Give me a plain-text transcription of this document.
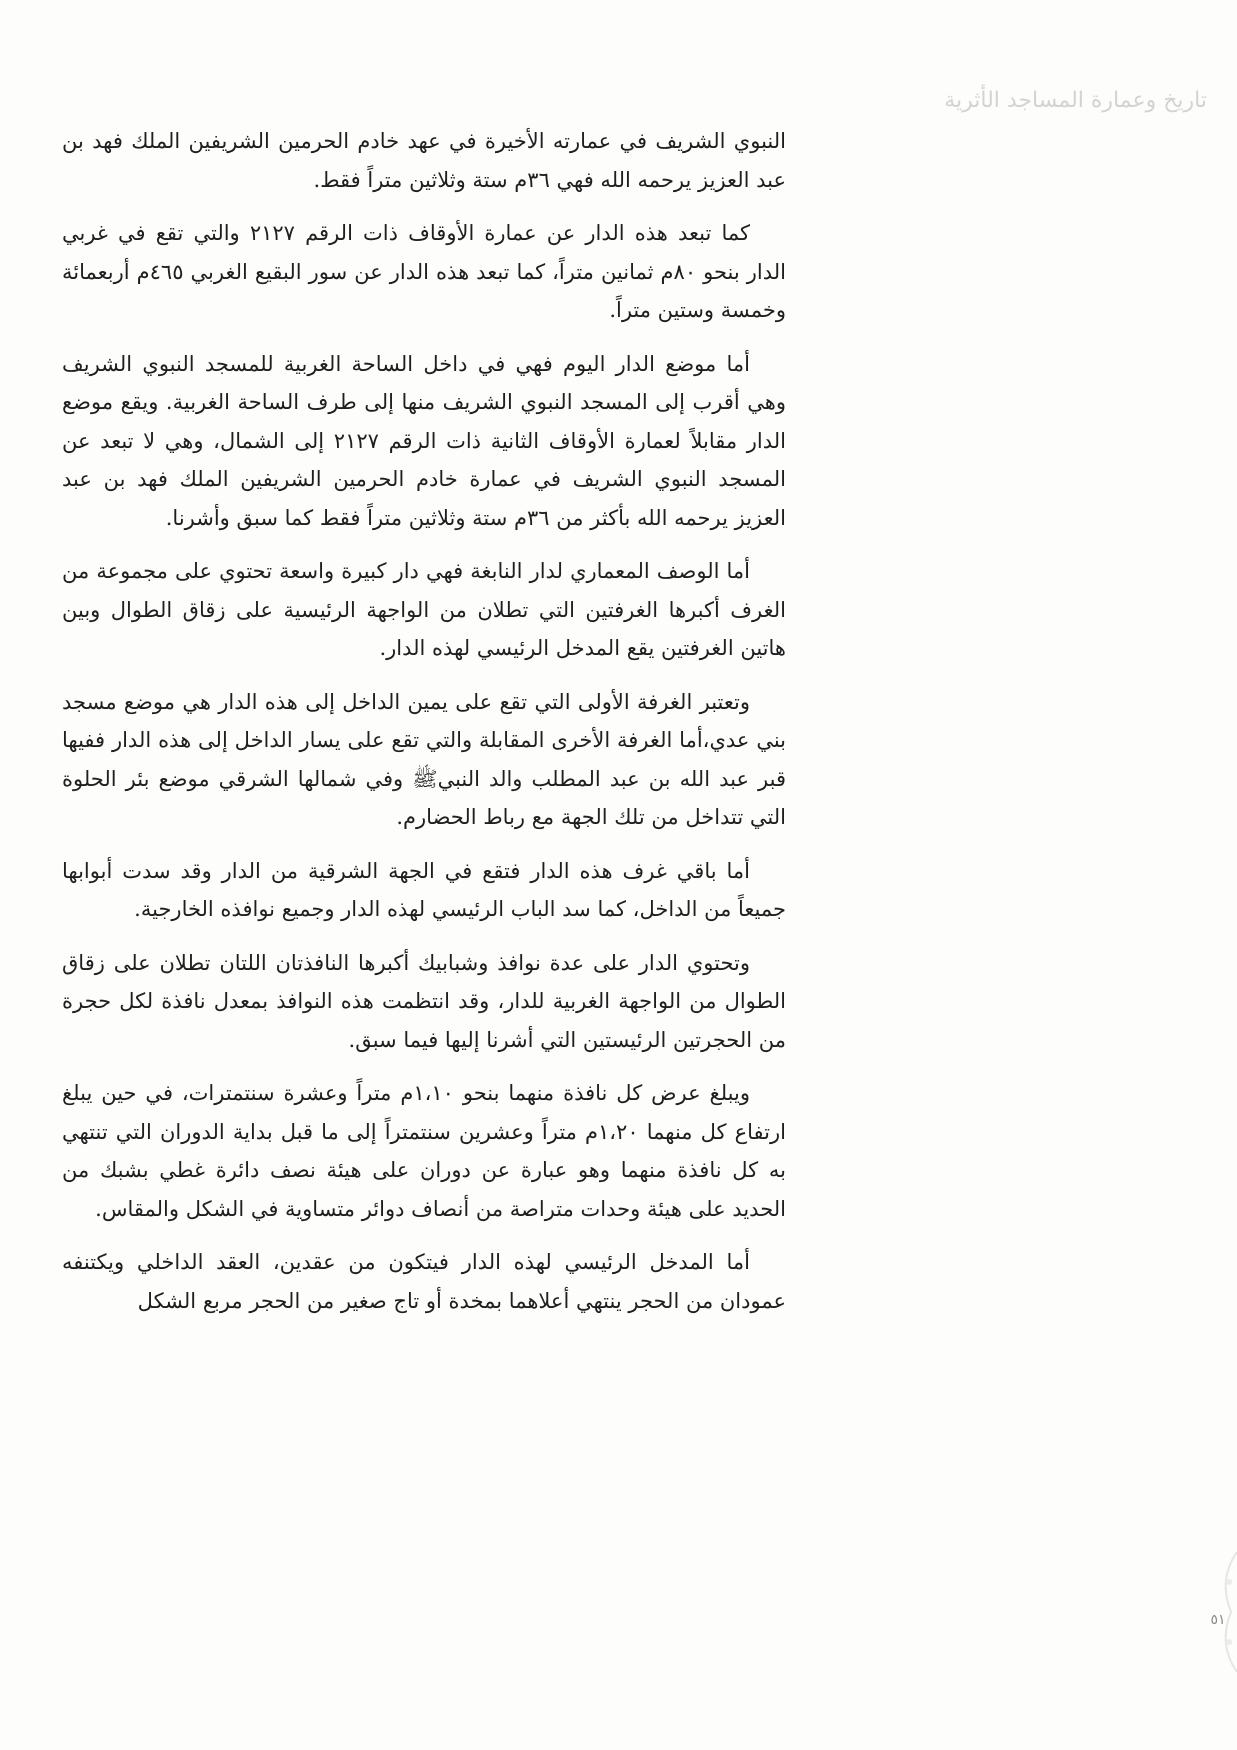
تاريخ وعمارة المساجد الأثرية

النبوي الشريف في عمارته الأخيرة في عهد خادم الحرمين الشريفين الملك فهد بن عبد العزيز يرحمه الله فهي ٣٦م ستة وثلاثين متراً فقط.

كما تبعد هذه الدار عن عمارة الأوقاف ذات الرقم ٢١٢٧ والتي تقع في غربي الدار بنحو ٨٠م ثمانين متراً، كما تبعد هذه الدار عن سور البقيع الغربي ٤٦٥م أربعمائة وخمسة وستين متراً.

أما موضع الدار اليوم فهي في داخل الساحة الغربية للمسجد النبوي الشريف وهي أقرب إلى المسجد النبوي الشريف منها إلى طرف الساحة الغربية. ويقع موضع الدار مقابلاً لعمارة الأوقاف الثانية ذات الرقم ٢١٢٧ إلى الشمال، وهي لا تبعد عن المسجد النبوي الشريف في عمارة خادم الحرمين الشريفين الملك فهد بن عبد العزيز يرحمه الله بأكثر من ٣٦م ستة وثلاثين متراً فقط كما سبق وأشرنا.

أما الوصف المعماري لدار النابغة فهي دار كبيرة واسعة تحتوي على مجموعة من الغرف أكبرها الغرفتين التي تطلان من الواجهة الرئيسية على زقاق الطوال وبين هاتين الغرفتين يقع المدخل الرئيسي لهذه الدار.

وتعتبر الغرفة الأولى التي تقع على يمين الداخل إلى هذه الدار هي موضع مسجد بني عدي،أما الغرفة الأخرى المقابلة والتي تقع على يسار الداخل إلى هذه الدار ففيها قبر عبد الله بن عبد المطلب والد النبيﷺ وفي شمالها الشرقي موضع بئر الحلوة التي تتداخل من تلك الجهة مع رباط الحضارم.

أما باقي غرف هذه الدار فتقع في الجهة الشرقية من الدار وقد سدت أبوابها جميعاً من الداخل، كما سد الباب الرئيسي لهذه الدار وجميع نوافذه الخارجية.

وتحتوي الدار على عدة نوافذ وشبابيك أكبرها النافذتان اللتان تطلان على زقاق الطوال من الواجهة الغربية للدار، وقد انتظمت هذه النوافذ بمعدل نافذة لكل حجرة من الحجرتين الرئيستين التي أشرنا إليها فيما سبق.

ويبلغ عرض كل نافذة منهما بنحو ١،١٠م متراً وعشرة سنتمترات، في حين يبلغ ارتفاع كل منهما ١،٢٠م متراً وعشرين سنتمتراً إلى ما قبل بداية الدوران التي تنتهي به كل نافذة منهما وهو عبارة عن دوران على هيئة نصف دائرة غطي بشبك من الحديد على هيئة وحدات متراصة من أنصاف دوائر متساوية في الشكل والمقاس.

أما المدخل الرئيسي لهذه الدار فيتكون من عقدين، العقد الداخلي ويكتنفه عمودان من الحجر ينتهي أعلاهما بمخدة أو تاج صغير من الحجر مربع الشكل

٥١
